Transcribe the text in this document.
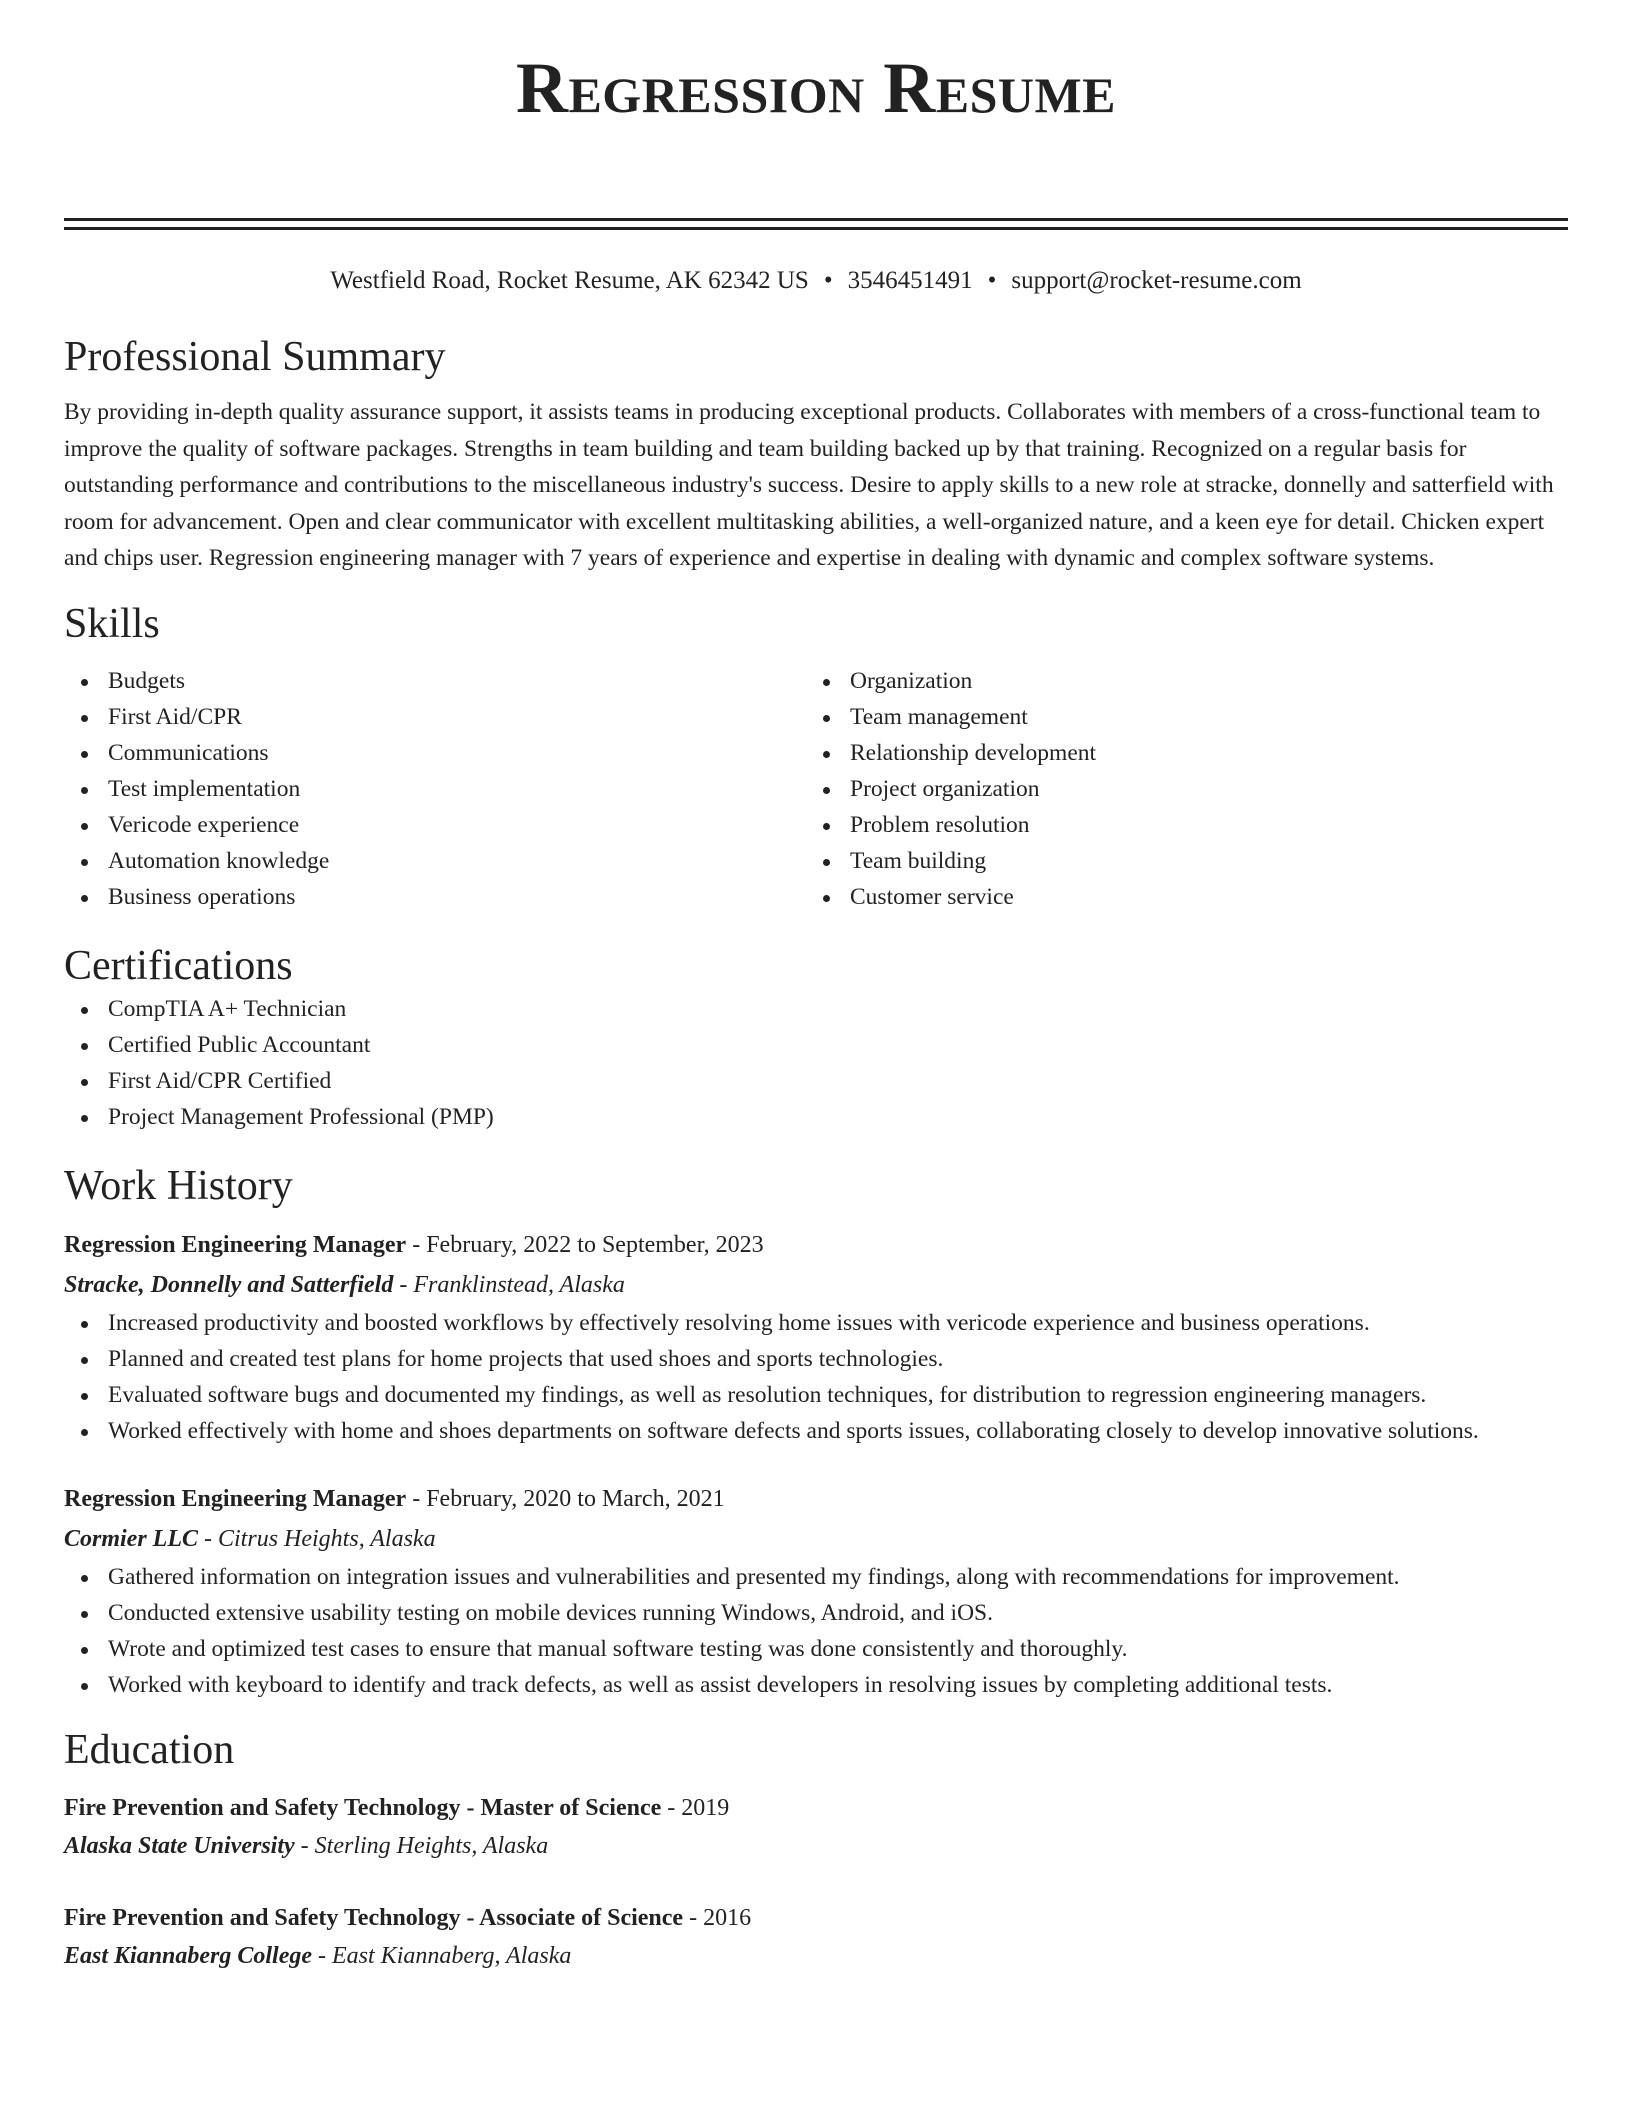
Regression Resume
Westfield Road, Rocket Resume, AK 62342 US • 3546451491 • support@rocket-resume.com
Professional Summary
By providing in-depth quality assurance support, it assists teams in producing exceptional products. Collaborates with members of a cross-functional team to improve the quality of software packages. Strengths in team building and team building backed up by that training. Recognized on a regular basis for outstanding performance and contributions to the miscellaneous industry's success. Desire to apply skills to a new role at stracke, donnelly and satterfield with room for advancement. Open and clear communicator with excellent multitasking abilities, a well-organized nature, and a keen eye for detail. Chicken expert and chips user. Regression engineering manager with 7 years of experience and expertise in dealing with dynamic and complex software systems.
Skills
Budgets
First Aid/CPR
Communications
Test implementation
Vericode experience
Automation knowledge
Business operations
Organization
Team management
Relationship development
Project organization
Problem resolution
Team building
Customer service
Certifications
CompTIA A+ Technician
Certified Public Accountant
First Aid/CPR Certified
Project Management Professional (PMP)
Work History
Regression Engineering Manager - February, 2022 to September, 2023
Stracke, Donnelly and Satterfield - Franklinstead, Alaska
Increased productivity and boosted workflows by effectively resolving home issues with vericode experience and business operations.
Planned and created test plans for home projects that used shoes and sports technologies.
Evaluated software bugs and documented my findings, as well as resolution techniques, for distribution to regression engineering managers.
Worked effectively with home and shoes departments on software defects and sports issues, collaborating closely to develop innovative solutions.
Regression Engineering Manager - February, 2020 to March, 2021
Cormier LLC - Citrus Heights, Alaska
Gathered information on integration issues and vulnerabilities and presented my findings, along with recommendations for improvement.
Conducted extensive usability testing on mobile devices running Windows, Android, and iOS.
Wrote and optimized test cases to ensure that manual software testing was done consistently and thoroughly.
Worked with keyboard to identify and track defects, as well as assist developers in resolving issues by completing additional tests.
Education
Fire Prevention and Safety Technology - Master of Science - 2019
Alaska State University - Sterling Heights, Alaska
Fire Prevention and Safety Technology - Associate of Science - 2016
East Kiannaberg College - East Kiannaberg, Alaska
